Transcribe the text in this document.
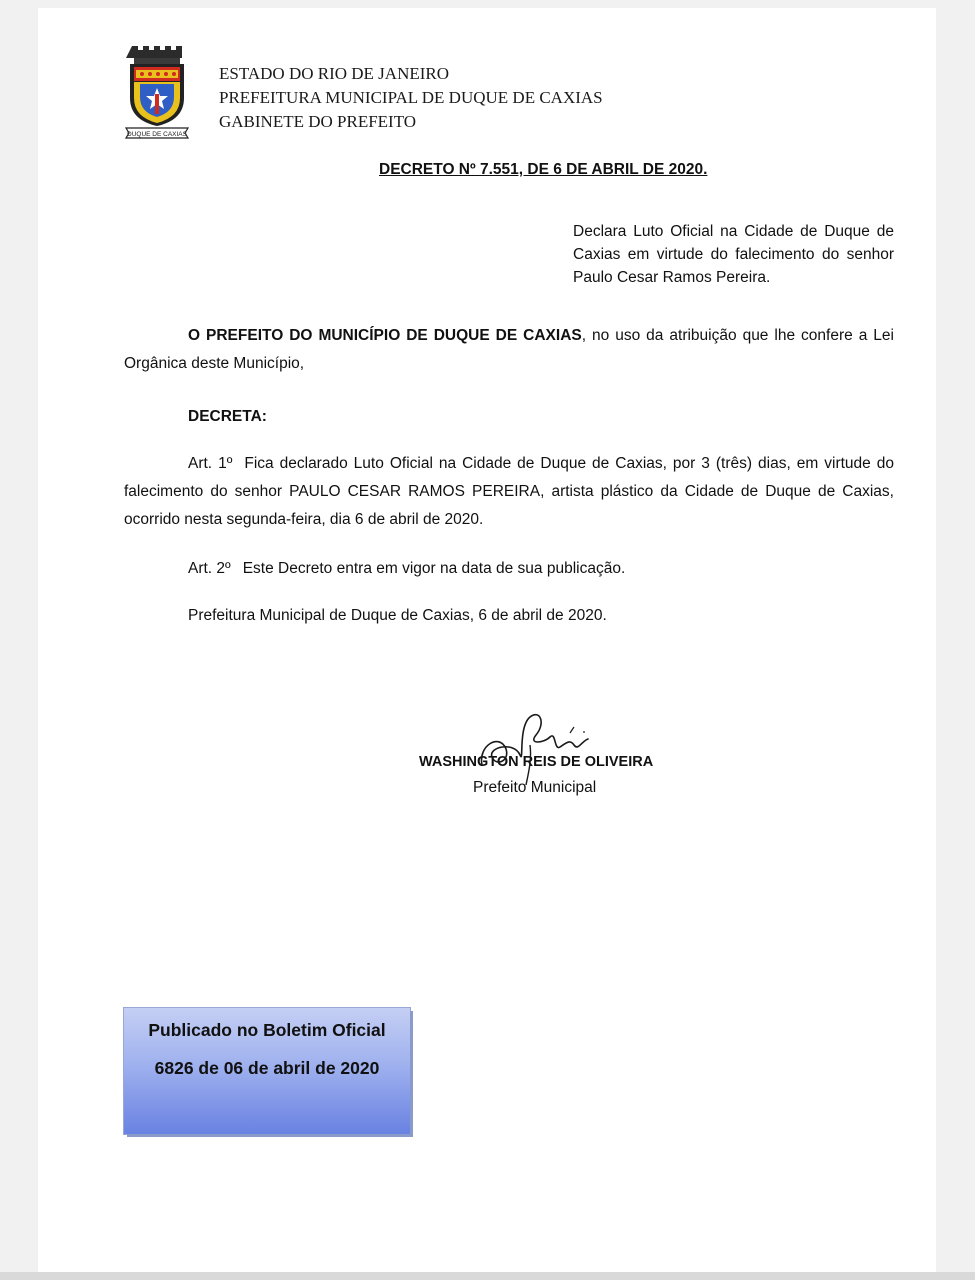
DUQUE DE CAXIAS
ESTADO DO RIO DE JANEIRO
PREFEITURA MUNICIPAL DE DUQUE DE CAXIAS
GABINETE DO PREFEITO
DECRETO Nº 7.551, DE 6 DE ABRIL DE 2020.
Declara Luto Oficial na Cidade de Duque de Caxias em virtude do falecimento do senhor Paulo Cesar Ramos Pereira.
O PREFEITO DO MUNICÍPIO DE DUQUE DE CAXIAS, no uso da atribuição que lhe confere a Lei Orgânica deste Município,
DECRETA:
Art. 1º Fica declarado Luto Oficial na Cidade de Duque de Caxias, por 3 (três) dias, em virtude do falecimento do senhor PAULO CESAR RAMOS PEREIRA, artista plástico da Cidade de Duque de Caxias, ocorrido nesta segunda-feira, dia 6 de abril de 2020.
Art. 2º Este Decreto entra em vigor na data de sua publicação.
Prefeitura Municipal de Duque de Caxias, 6 de abril de 2020.
WASHINGTON REIS DE OLIVEIRA
Prefeito Municipal
Publicado no Boletim Oficial
6826 de 06 de abril de 2020
